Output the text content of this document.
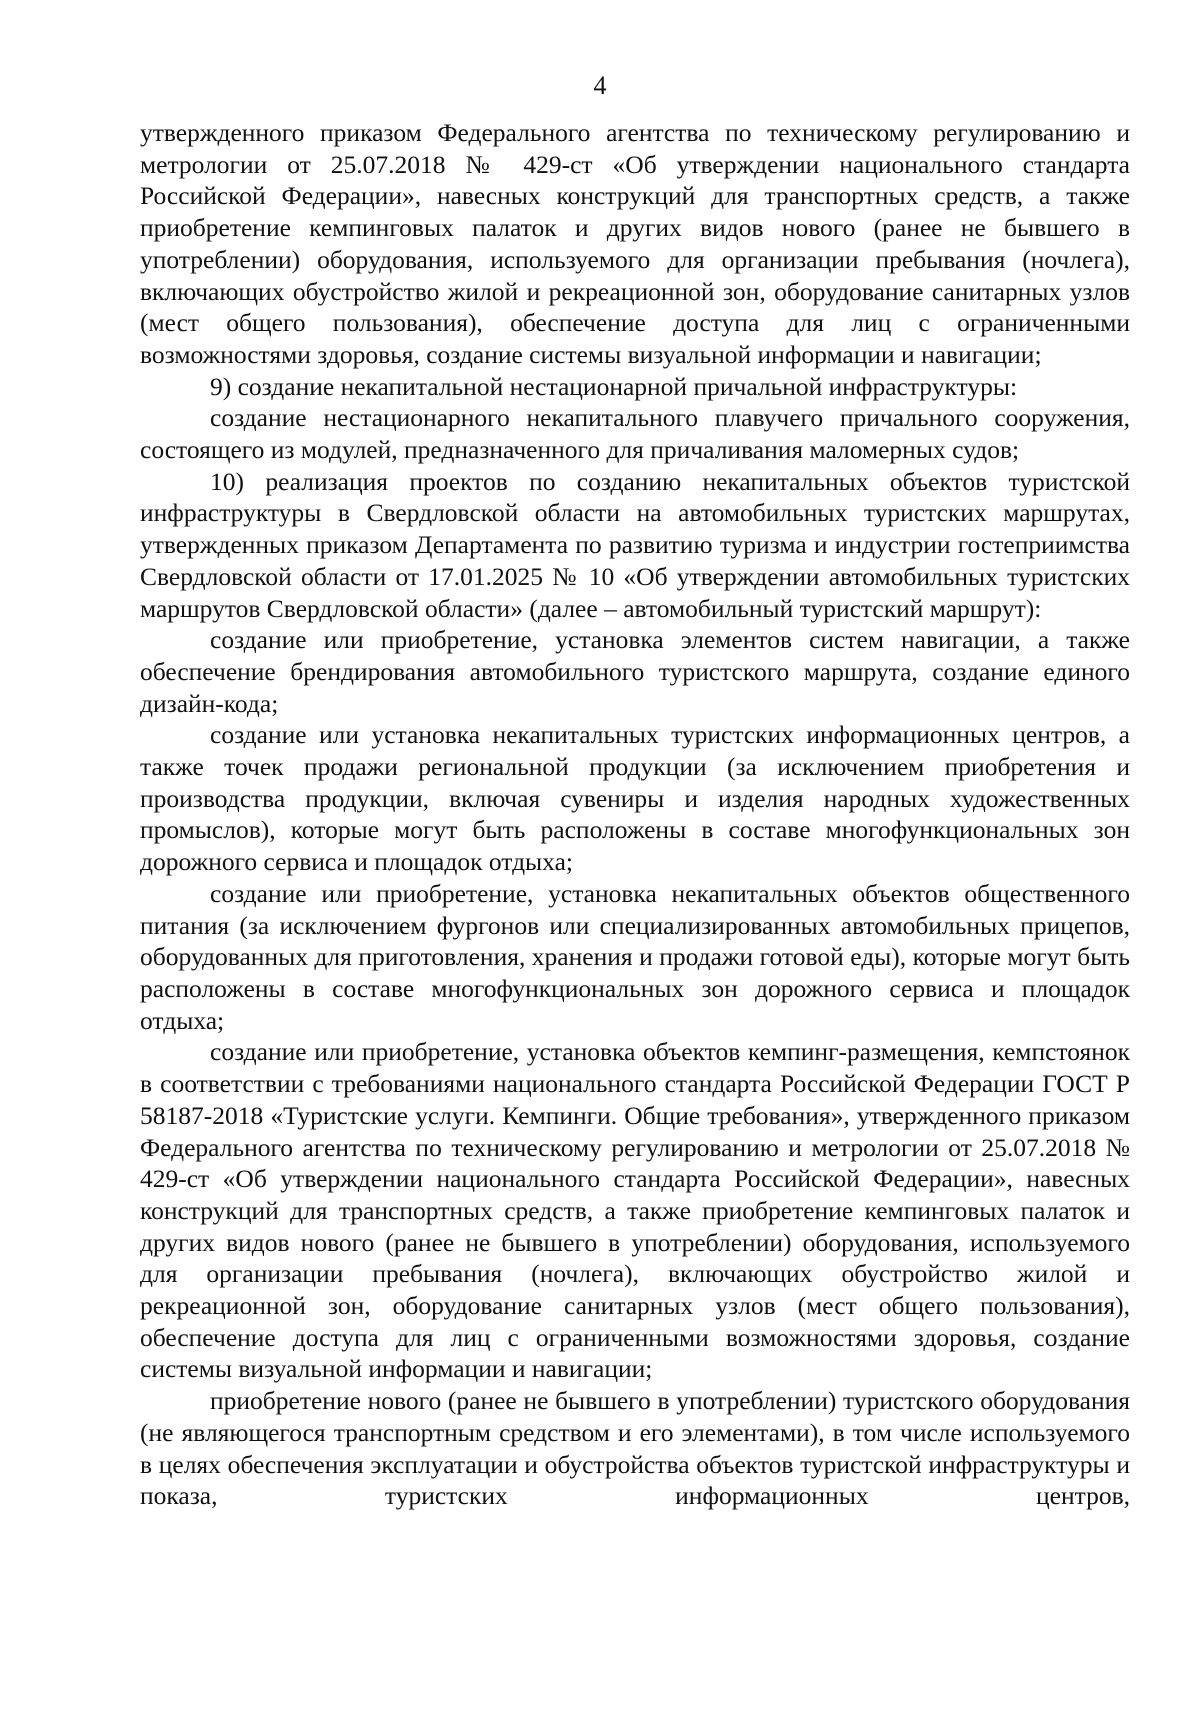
4

утвержденного приказом Федерального агентства по техническому регулированию и метрологии от 25.07.2018 № 429-ст «Об утверждении национального стандарта Российской Федерации», навесных конструкций для транспортных средств, а также приобретение кемпинговых палаток и других видов нового (ранее не бывшего в употреблении) оборудования, используемого для организации пребывания (ночлега), включающих обустройство жилой и рекреационной зон, оборудование санитарных узлов (мест общего пользования), обеспечение доступа для лиц с ограниченными возможностями здоровья, создание системы визуальной информации и навигации;

9) создание некапитальной нестационарной причальной инфраструктуры:

создание нестационарного некапитального плавучего причального сооружения, состоящего из модулей, предназначенного для причаливания маломерных судов;

10) реализация проектов по созданию некапитальных объектов туристской инфраструктуры в Свердловской области на автомобильных туристских маршрутах, утвержденных приказом Департамента по развитию туризма и индустрии гостеприимства Свердловской области от 17.01.2025 № 10 «Об утверждении автомобильных туристских маршрутов Свердловской области» (далее – автомобильный туристский маршрут):

создание или приобретение, установка элементов систем навигации, а также обеспечение брендирования автомобильного туристского маршрута, создание единого дизайн-кода;

создание или установка некапитальных туристских информационных центров, а также точек продажи региональной продукции (за исключением приобретения и производства продукции, включая сувениры и изделия народных художественных промыслов), которые могут быть расположены в составе многофункциональных зон дорожного сервиса и площадок отдыха;

создание или приобретение, установка некапитальных объектов общественного питания (за исключением фургонов или специализированных автомобильных прицепов, оборудованных для приготовления, хранения и продажи готовой еды), которые могут быть расположены в составе многофункциональных зон дорожного сервиса и площадок отдыха;

создание или приобретение, установка объектов кемпинг-размещения, кемпстоянок в соответствии с требованиями национального стандарта Российской Федерации ГОСТ Р 58187-2018 «Туристские услуги. Кемпинги. Общие требования», утвержденного приказом Федерального агентства по техническому регулированию и метрологии от 25.07.2018 № 429-ст «Об утверждении национального стандарта Российской Федерации», навесных конструкций для транспортных средств, а также приобретение кемпинговых палаток и других видов нового (ранее не бывшего в употреблении) оборудования, используемого для организации пребывания (ночлега), включающих обустройство жилой и рекреационной зон, оборудование санитарных узлов (мест общего пользования), обеспечение доступа для лиц с ограниченными возможностями здоровья, создание системы визуальной информации и навигации;

приобретение нового (ранее не бывшего в употреблении) туристского оборудования (не являющегося транспортным средством и его элементами), в том числе используемого в целях обеспечения эксплуатации и обустройства объектов туристской инфраструктуры и показа, туристских информационных центров,
